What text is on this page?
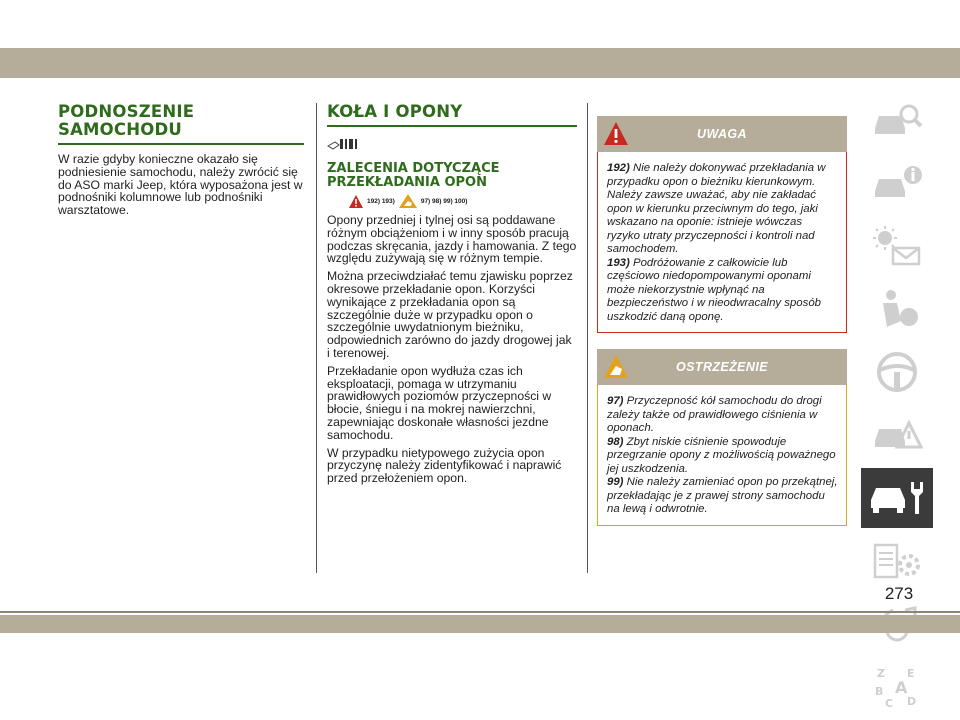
PODNOSZENIE
SAMOCHODU

W razie gdyby konieczne okazało się podniesienie samochodu, należy zwrócić się do ASO marki Jeep, która wyposażona jest w podnośniki kolumnowe lub podnośniki warsztatowe.

KOŁA I OPONY
ZALECENIA DOTYCZĄCE
PRZEKŁADANIA OPON
192) 193)	97) 98) 99) 100)

Opony przedniej i tylnej osi są poddawane różnym obciążeniom i w inny sposób pracują podczas skręcania, jazdy i hamowania. Z tego względu zużywają się w różnym tempie.

Można przeciwdziałać temu zjawisku poprzez okresowe przekładanie opon. Korzyści wynikające z przekładania opon są szczególnie duże w przypadku opon o szczególnie uwydatnionym bieżniku, odpowiednich zarówno do jazdy drogowej jak i terenowej.

Przekładanie opon wydłuża czas ich eksploatacji, pomaga w utrzymaniu prawidłowych poziomów przyczepności w błocie, śniegu i na mokrej nawierzchni, zapewniając doskonałe własności jezdne samochodu.

W przypadku nietypowego zużycia opon przyczynę należy zidentyfikować i naprawić przed przełożeniem opon.

UWAGA
192) Nie należy dokonywać przekładania w przypadku opon o bieżniku kierunkowym. Należy zawsze uważać, aby nie zakładać opon w kierunku przeciwnym do tego, jaki wskazano na oponie: istnieje wówczas ryzyko utraty przyczepności i kontroli nad samochodem.
193) Podróżowanie z całkowicie lub częściowo niedopompowanymi oponami może niekorzystnie wpłynąć na bezpieczeństwo i w nieodwracalny sposób uszkodzić daną oponę.
OSTRZEŻENIE
97) Przyczepność kół samochodu do drogi zależy także od prawidłowego ciśnienia w oponach.
98) Zbyt niskie ciśnienie spowoduje przegrzanie opony z możliwością poważnego jej uszkodzenia.
99) Nie należy zamieniać opon po przekątnej, przekładając je z prawej strony samochodu na lewą i odwrotnie.
Z E
B A
C D
273
